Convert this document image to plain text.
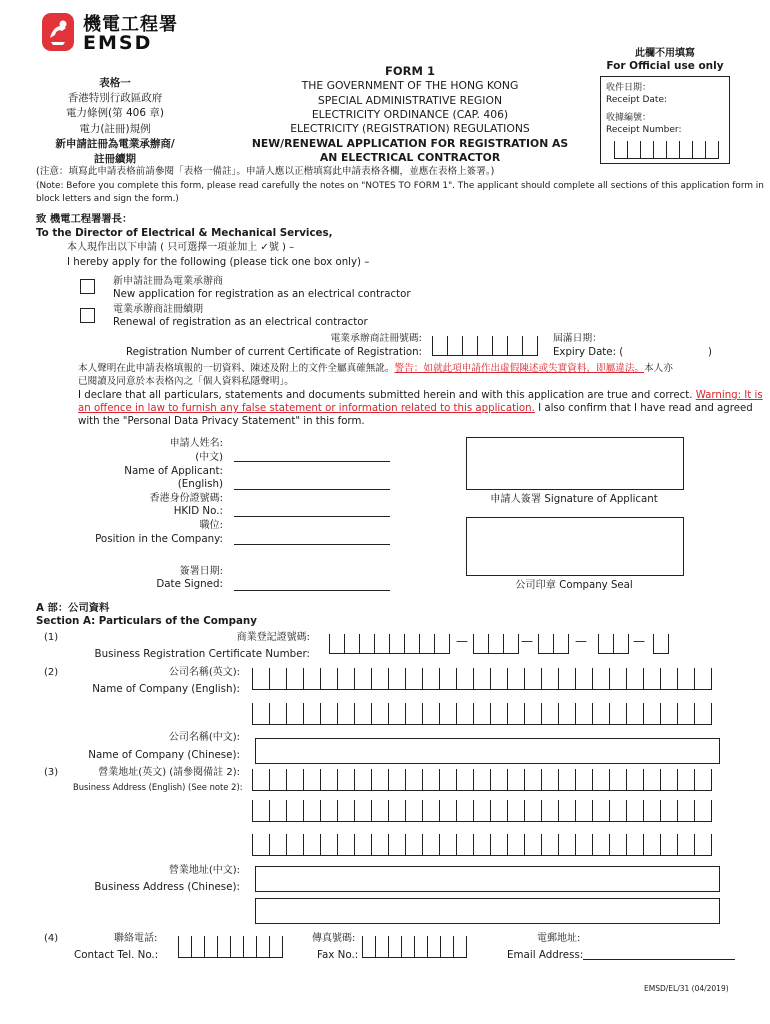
機電工程署
EMSD
表格一
香港特別行政區政府
電力條例(第 406 章)
電力(註冊)規例
新申請註冊為電業承辦商/
註冊續期
FORM 1
THE GOVERNMENT OF THE HONG KONG
SPECIAL ADMINISTRATIVE REGION
ELECTRICITY ORDINANCE (CAP. 406)
ELECTRICITY (REGISTRATION) REGULATIONS
NEW/RENEWAL APPLICATION FOR REGISTRATION AS
AN ELECTRICAL CONTRACTOR
此欄不用填寫
For Official use only
收件日期：
Receipt Date:
收據編號：
Receipt Number:
(注意：填寫此申請表格前請參閱「表格一備註」。申請人應以正楷填寫此申請表格各欄，並應在表格上簽署。)
(Note: Before you complete this form, please read carefully the notes on "NOTES TO FORM 1". The applicant should complete all sections of this application form in
block letters and sign the form.)
致 機電工程署署長：
To the Director of Electrical & Mechanical Services,
本人現作出以下申請 ( 只可選擇一項並加上 ✓號 ) –
I hereby apply for the following (please tick one box only) –
新申請註冊為電業承辦商
New application for registration as an electrical contractor
電業承辦商註冊續期
Renewal of registration as an electrical contractor
電業承辦商註冊號碼:
Registration Number of current Certificate of Registration:
屆滿日期：
Expiry Date: (	)
本人聲明在此申請表格填報的一切資料、陳述及附上的文件全屬真確無訛。警告：如就此項申請作出虛假陳述或失實資料，即屬違法。本人亦
已閱讀及同意於本表格內之「個人資料私隱聲明」。
I declare that all particulars, statements and documents submitted herein and with this application are true and correct. Warning: It is
an offence in law to furnish any false statement or information related to this application. I also confirm that I have read and agreed
with the "Personal Data Privacy Statement" in this form.
申請人姓名:
(中文)
Name of Applicant:
(English)
香港身份證號碼:
HKID No.:
職位:
Position in the Company:
簽署日期:
Date Signed:
申請人簽署 Signature of Applicant
公司印章 Company Seal
A 部：公司資料
Section A: Particulars of the Company
(1)	商業登記證號碼:
Business Registration Certificate Number:
—	—	—	—
(2)	公司名稱(英文):
Name of Company (English):
公司名稱(中文):
Name of Company (Chinese):
(3)	營業地址(英文) (請參閱備註 2):
Business Address (English) (See note 2):
營業地址(中文):
Business Address (Chinese):
(4)	聯絡電話:
Contact Tel. No.:
傳真號碼:
Fax No.:
電郵地址:
Email Address:
EMSD/EL/31 (04/2019)
